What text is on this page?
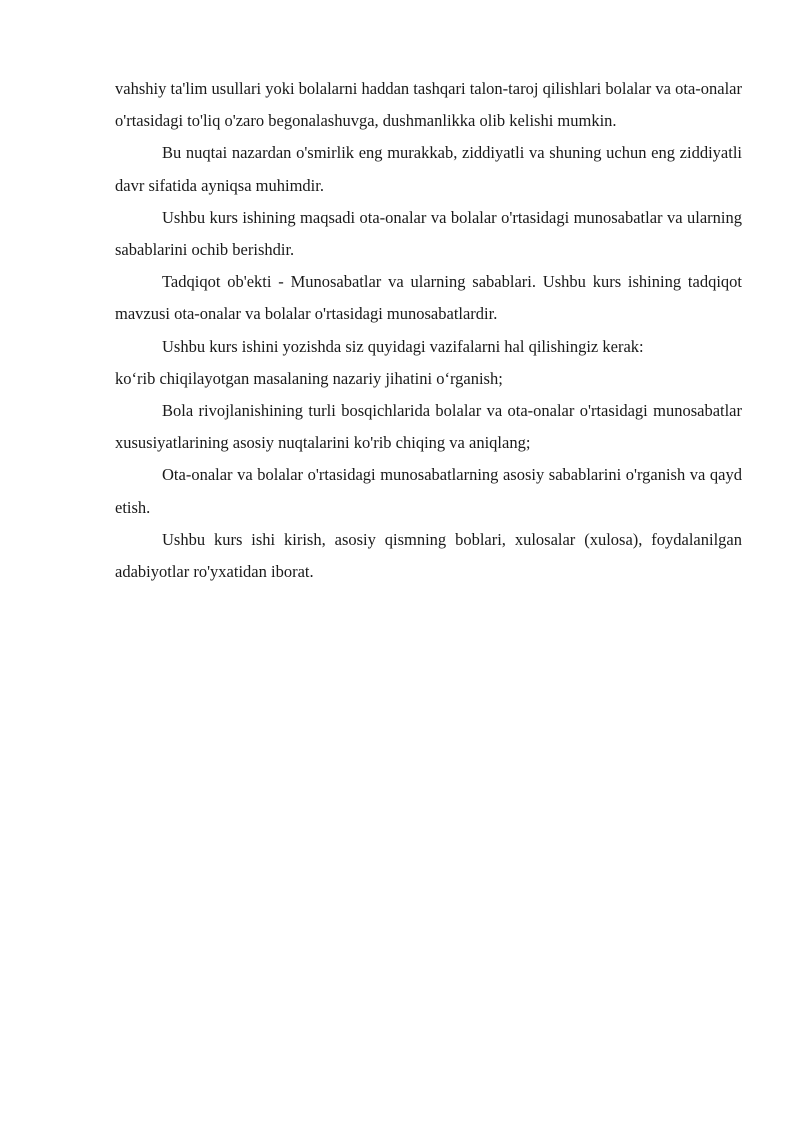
vahshiy ta'lim usullari yoki bolalarni haddan tashqari talon-taroj qilishlari bolalar va ota-onalar o'rtasidagi to'liq o'zaro begonalashuvga, dushmanlikka olib kelishi mumkin.

Bu nuqtai nazardan o'smirlik eng murakkab, ziddiyatli va shuning uchun eng ziddiyatli davr sifatida ayniqsa muhimdir.

Ushbu kurs ishining maqsadi ota-onalar va bolalar o'rtasidagi munosabatlar va ularning sabablarini ochib berishdir.

Tadqiqot ob'ekti - Munosabatlar va ularning sabablari. Ushbu kurs ishining tadqiqot mavzusi ota-onalar va bolalar o'rtasidagi munosabatlardir.

Ushbu kurs ishini yozishda siz quyidagi vazifalarni hal qilishingiz kerak:

ko‘rib chiqilayotgan masalaning nazariy jihatini o‘rganish;

Bola rivojlanishining turli bosqichlarida bolalar va ota-onalar o'rtasidagi munosabatlar xususiyatlarining asosiy nuqtalarini ko'rib chiqing va aniqlang;

Ota-onalar va bolalar o'rtasidagi munosabatlarning asosiy sabablarini o'rganish va qayd etish.

Ushbu kurs ishi kirish, asosiy qismning boblari, xulosalar (xulosa), foydalanilgan adabiyotlar ro'yxatidan iborat.
